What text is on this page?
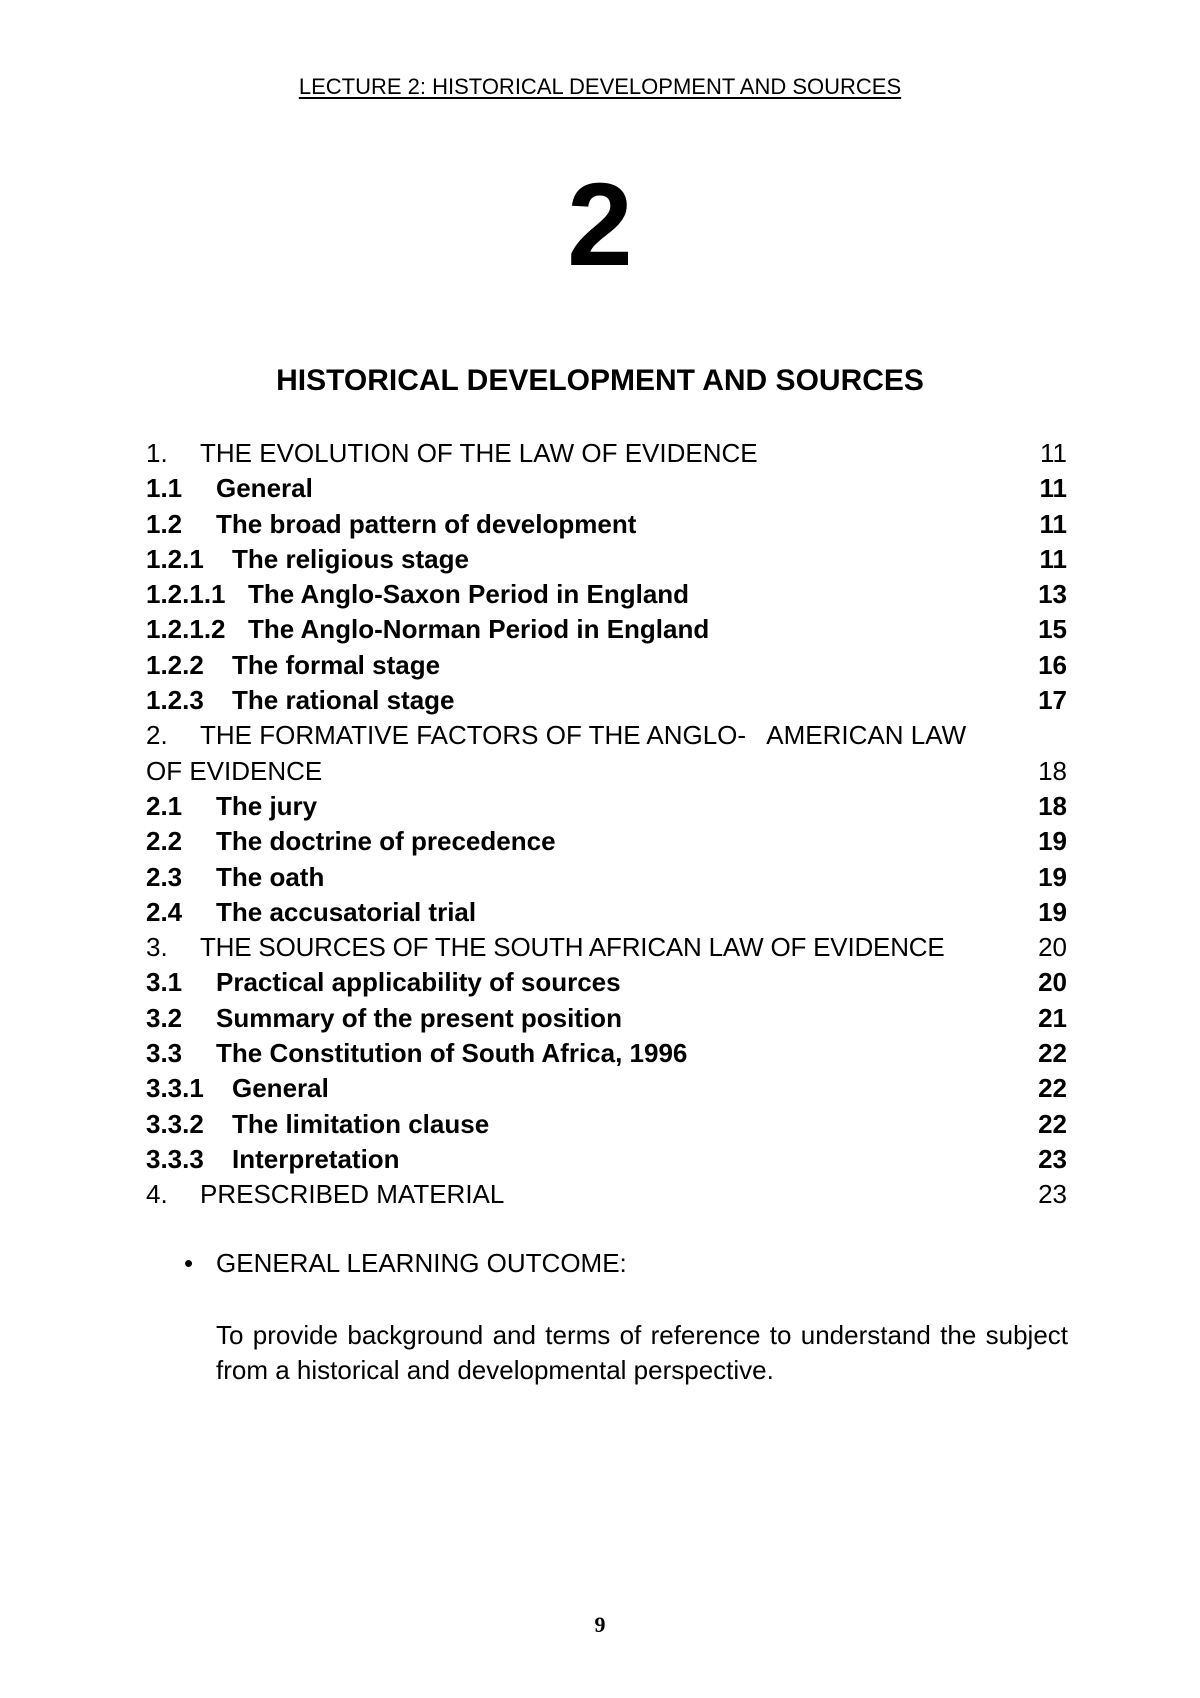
LECTURE 2: HISTORICAL DEVELOPMENT AND SOURCES
2
HISTORICAL DEVELOPMENT AND SOURCES
1.	THE EVOLUTION OF THE LAW OF EVIDENCE	11
1.1	General	11
1.2	The broad pattern of development	11
1.2.1	The religious stage	11
1.2.1.1 The Anglo-Saxon Period in England	13
1.2.1.2 The Anglo-Norman Period in England	15
1.2.2	The formal stage	16
1.2.3	The rational stage	17
2.	THE FORMATIVE FACTORS OF THE ANGLO-   AMERICAN LAW
OF EVIDENCE	18
2.1	The jury	18
2.2	The doctrine of precedence	19
2.3	The oath	19
2.4	The accusatorial trial	19
3.	THE SOURCES OF THE SOUTH AFRICAN LAW OF EVIDENCE	20
3.1	Practical applicability of sources	20
3.2	Summary of the present position	21
3.3	The Constitution of South Africa, 1996	22
3.3.1	General	22
3.3.2	The limitation clause	22
3.3.3	Interpretation	23
4.	PRESCRIBED MATERIAL	23
• GENERAL LEARNING OUTCOME:
To provide background and terms of reference to understand the subject from a historical and developmental perspective.
9
